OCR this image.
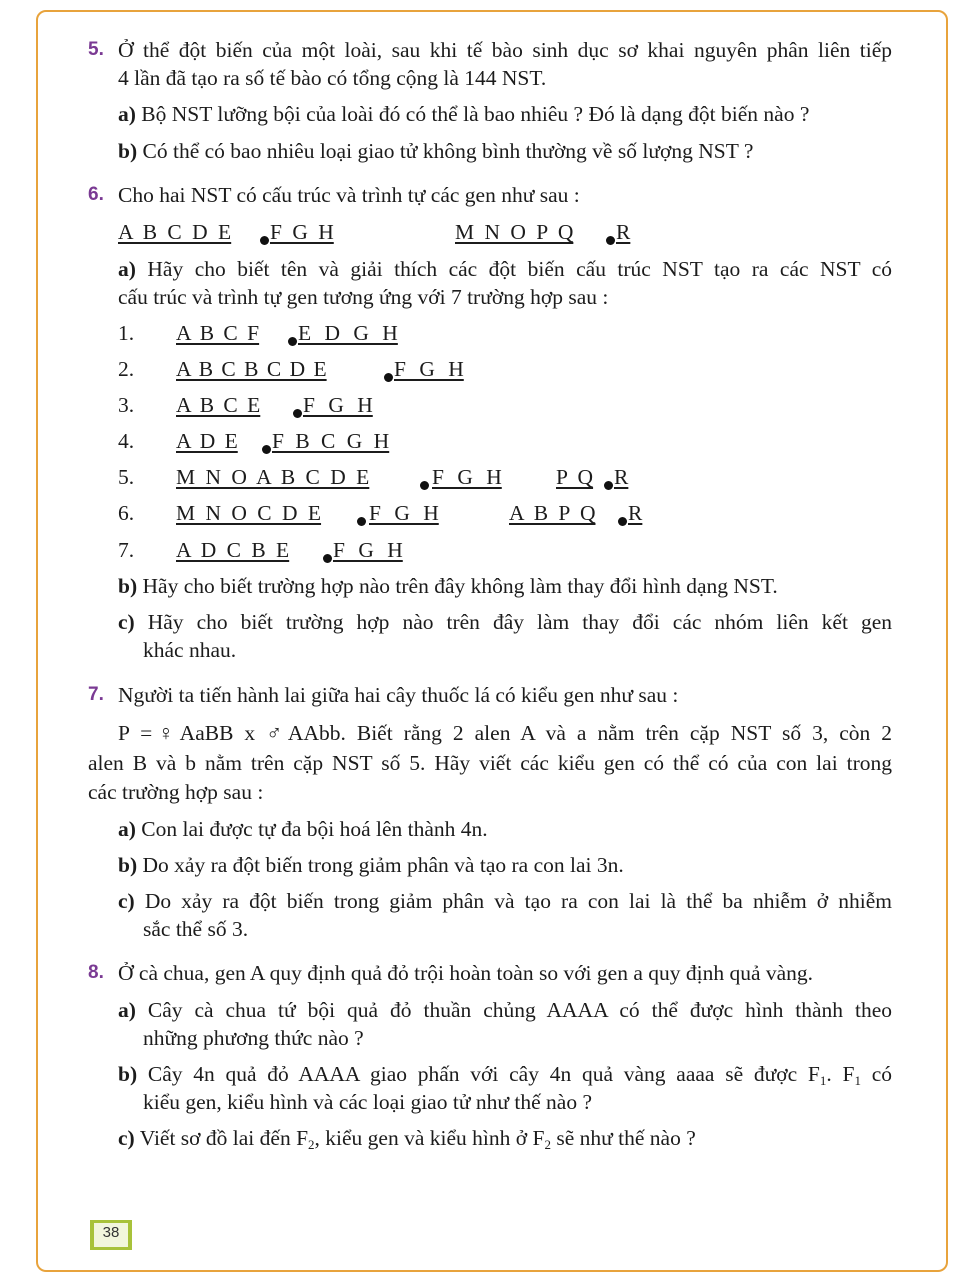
5. Ở thể đột biến của một loài, sau khi tế bào sinh dục sơ khai nguyên phân liên tiếp
4 lần đã tạo ra số tế bào có tổng cộng là 144 NST.
a) Bộ NST lưỡng bội của loài đó có thể là bao nhiêu ? Đó là dạng đột biến nào ?
b) Có thể có bao nhiêu loại giao tử không bình thường về số lượng NST ?
6. Cho hai NST có cấu trúc và trình tự các gen như sau :
A B C D E F G H	M N O P Q R
a) Hãy cho biết tên và giải thích các đột biến cấu trúc NST tạo ra các NST có
cấu trúc và trình tự gen tương ứng với 7 trường hợp sau :
1. A B C F E D G H
2. A B C B C D E	F G H
3. A B C E F G H
4. A D E F B C G H
5. M N O A B C D E	F G H	P Q R
6. M N O C D E F G H	A B P Q R
7. A D C B E F G H
b) Hãy cho biết trường hợp nào trên đây không làm thay đổi hình dạng NST.
c) Hãy cho biết trường hợp nào trên đây làm thay đổi các nhóm liên kết gen
khác nhau.
7. Người ta tiến hành lai giữa hai cây thuốc lá có kiểu gen như sau :
P =♀AaBB x ♂AAbb. Biết rằng 2 alen A và a nằm trên cặp NST số 3, còn 2
alen B và b nằm trên cặp NST số 5. Hãy viết các kiểu gen có thể có của con lai trong
các trường hợp sau :
a) Con lai được tự đa bội hoá lên thành 4n.
b) Do xảy ra đột biến trong giảm phân và tạo ra con lai 3n.
c) Do xảy ra đột biến trong giảm phân và tạo ra con lai là thể ba nhiễm ở nhiễm
sắc thể số 3.
8. Ở cà chua, gen A quy định quả đỏ trội hoàn toàn so với gen a quy định quả vàng.
a) Cây cà chua tứ bội quả đỏ thuần chủng AAAA có thể được hình thành theo
những phương thức nào ?
b) Cây 4n quả đỏ AAAA giao phấn với cây 4n quả vàng aaaa sẽ được $F_1$. $F_1$ có
kiểu gen, kiểu hình và các loại giao tử như thế nào ?
c) Viết sơ đồ lai đến $F_2$, kiểu gen và kiểu hình ở $F_2$ sẽ như thế nào ?
38
